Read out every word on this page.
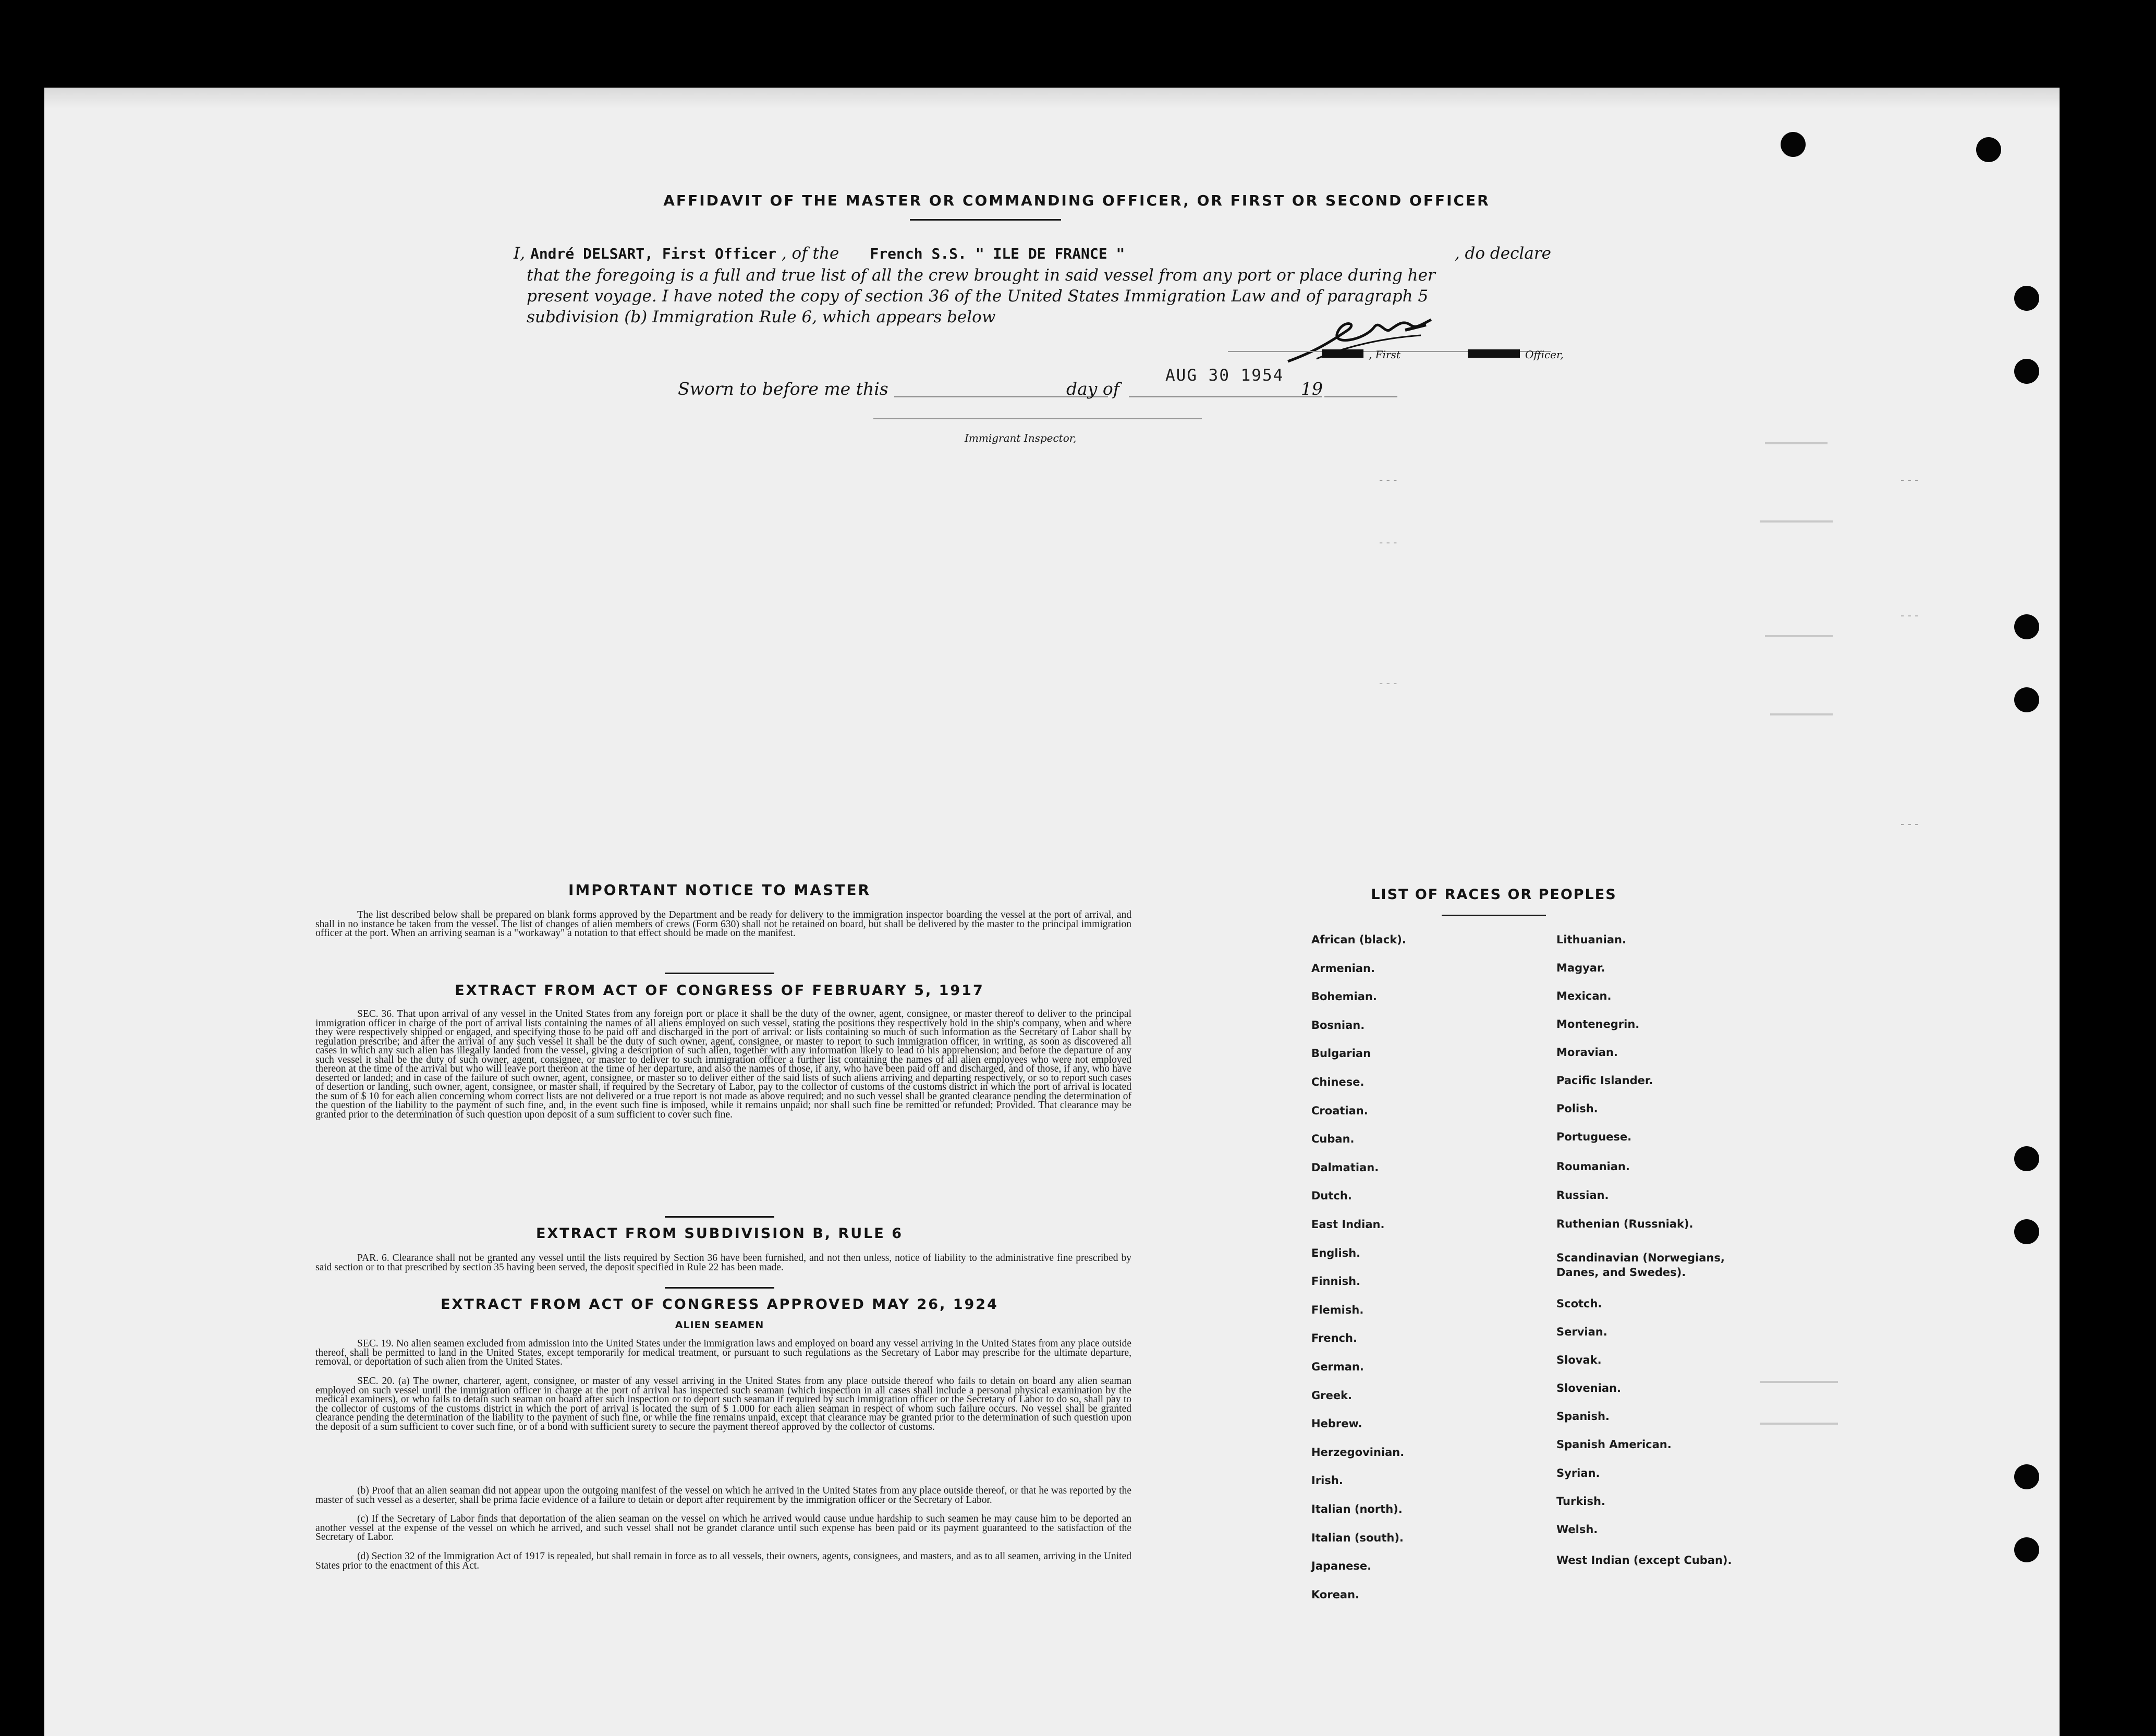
- - -
- - -
- - -
- - -
- - -
- - -
AFFIDAVIT OF THE MASTER OR COMMANDING OFFICER, OR FIRST OR SECOND OFFICER
I, André DELSART, First Officer , of the French S.S. " ILE DE FRANCE "	, do declare
that the foregoing is a full and true list of all the crew brought in said vessel from any port or place during her
present voyage. I have noted the copy of section 36 of the United States Immigration Law and of paragraph 5
subdivision (b) Immigration Rule 6, which appears below
, First	Officer,
Sworn to before me this	day of
AUG 30 1954
19
Immigrant Inspector,
IMPORTANT NOTICE TO MASTER
The list described below shall be prepared on blank forms approved by the Department and be ready for delivery to the immigration inspector boarding the vessel at the port of arrival, and shall in no instance be taken from the vessel. The list of changes of alien members of crews (Form 630) shall not be retained on board, but shall be delivered by the master to the principal immigration officer at the port. When an arriving seaman is a "workaway" a notation to that effect should be made on the manifest.
EXTRACT FROM ACT OF CONGRESS OF FEBRUARY 5, 1917
SEC. 36. That upon arrival of any vessel in the United States from any foreign port or place it shall be the duty of the owner, agent, consignee, or master thereof to deliver to the principal immigration officer in charge of the port of arrival lists containing the names of all aliens employed on such vessel, stating the positions they respectively hold in the ship's company, when and where they were respectively shipped or engaged, and specifying those to be paid off and discharged in the port of arrival: or lists containing so much of such information as the Secretary of Labor shall by regulation prescribe; and after the arrival of any such vessel it shall be the duty of such owner, agent, consignee, or master to report to such immigration officer, in writing, as soon as discovered all cases in which any such alien has illegally landed from the vessel, giving a description of such alien, together with any information likely to lead to his apprehension; and before the departure of any such vessel it shall be the duty of such owner, agent, consignee, or master to deliver to such immigration officer a further list containing the names of all alien employees who were not employed thereon at the time of the arrival but who will leave port thereon at the time of her departure, and also the names of those, if any, who have been paid off and discharged, and of those, if any, who have deserted or landed; and in case of the failure of such owner, agent, consignee, or master so to deliver either of the said lists of such aliens arriving and departing respectively, or so to report such cases of desertion or landing, such owner, agent, consignee, or master shall, if required by the Secretary of Labor, pay to the collector of customs of the customs district in which the port of arrival is located the sum of $ 10 for each alien concerning whom correct lists are not delivered or a true report is not made as above required; and no such vessel shall be granted clearance pending the determination of the question of the liability to the payment of such fine, and, in the event such fine is imposed, while it remains unpaid; nor shall such fine be remitted or refunded; Provided. That clearance may be granted prior to the determination of such question upon deposit of a sum sufficient to cover such fine.
EXTRACT FROM SUBDIVISION B, RULE 6
PAR. 6. Clearance shall not be granted any vessel until the lists required by Section 36 have been furnished, and not then unless, notice of liability to the administrative fine prescribed by said section or to that prescribed by section 35 having been served, the deposit specified in Rule 22 has been made.
EXTRACT FROM ACT OF CONGRESS APPROVED MAY 26, 1924
ALIEN SEAMEN
SEC. 19. No alien seamen excluded from admission into the United States under the immigration laws and employed on board any vessel arriving in the United States from any place outside thereof, shall be permitted to land in the United States, except temporarily for medical treatment, or pursuant to such regulations as the Secretary of Labor may prescribe for the ultimate departure, removal, or deportation of such alien from the United States.
SEC. 20. (a) The owner, charterer, agent, consignee, or master of any vessel arriving in the United States from any place outside thereof who fails to detain on board any alien seaman employed on such vessel until the immigration officer in charge at the port of arrival has inspected such seaman (which inspection in all cases shall include a personal physical examination by the medical examiners), or who fails to detain such seaman on board after such inspection or to deport such seaman if required by such immigration officer or the Secretary of Labor to do so, shall pay to the collector of customs of the customs district in which the port of arrival is located the sum of $ 1.000 for each alien seaman in respect of whom such failure occurs. No vessel shall be granted clearance pending the determination of the liability to the payment of such fine, or while the fine remains unpaid, except that clearance may be granted prior to the determination of such question upon the deposit of a sum sufficient to cover such fine, or of a bond with sufficient surety to secure the payment thereof approved by the collector of customs.
(b) Proof that an alien seaman did not appear upon the outgoing manifest of the vessel on which he arrived in the United States from any place outside thereof, or that he was reported by the master of such vessel as a deserter, shall be prima facie evidence of a failure to detain or deport after requirement by the immigration officer or the Secretary of Labor.
(c) If the Secretary of Labor finds that deportation of the alien seaman on the vessel on which he arrived would cause undue hardship to such seamen he may cause him to be deported an another vessel at the expense of the vessel on which he arrived, and such vessel shall not be grandet clarance until such expense has been paid or its payment guaranteed to the satisfaction of the Secretary of Labor.
(d) Section 32 of the Immigration Act of 1917 is repealed, but shall remain in force as to all vessels, their owners, agents, consignees, and masters, and as to all seamen, arriving in the United States prior to the enactment of this Act.
LIST OF RACES OR PEOPLES
African (black).
Armenian.
Bohemian.
Bosnian.
Bulgarian
Chinese.
Croatian.
Cuban.
Dalmatian.
Dutch.
East Indian.
English.
Finnish.
Flemish.
French.
German.
Greek.
Hebrew.
Herzegovinian.
Irish.
Italian (north).
Italian (south).
Japanese.
Korean.
Lithuanian.
Magyar.
Mexican.
Montenegrin.
Moravian.
Pacific Islander.
Polish.
Portuguese.
Roumanian.
Russian.
Ruthenian (Russniak).
Scandinavian (Norwegians, Danes, and Swedes).
Scotch.
Servian.
Slovak.
Slovenian.
Spanish.
Spanish American.
Syrian.
Turkish.
Welsh.
West Indian (except Cuban).
